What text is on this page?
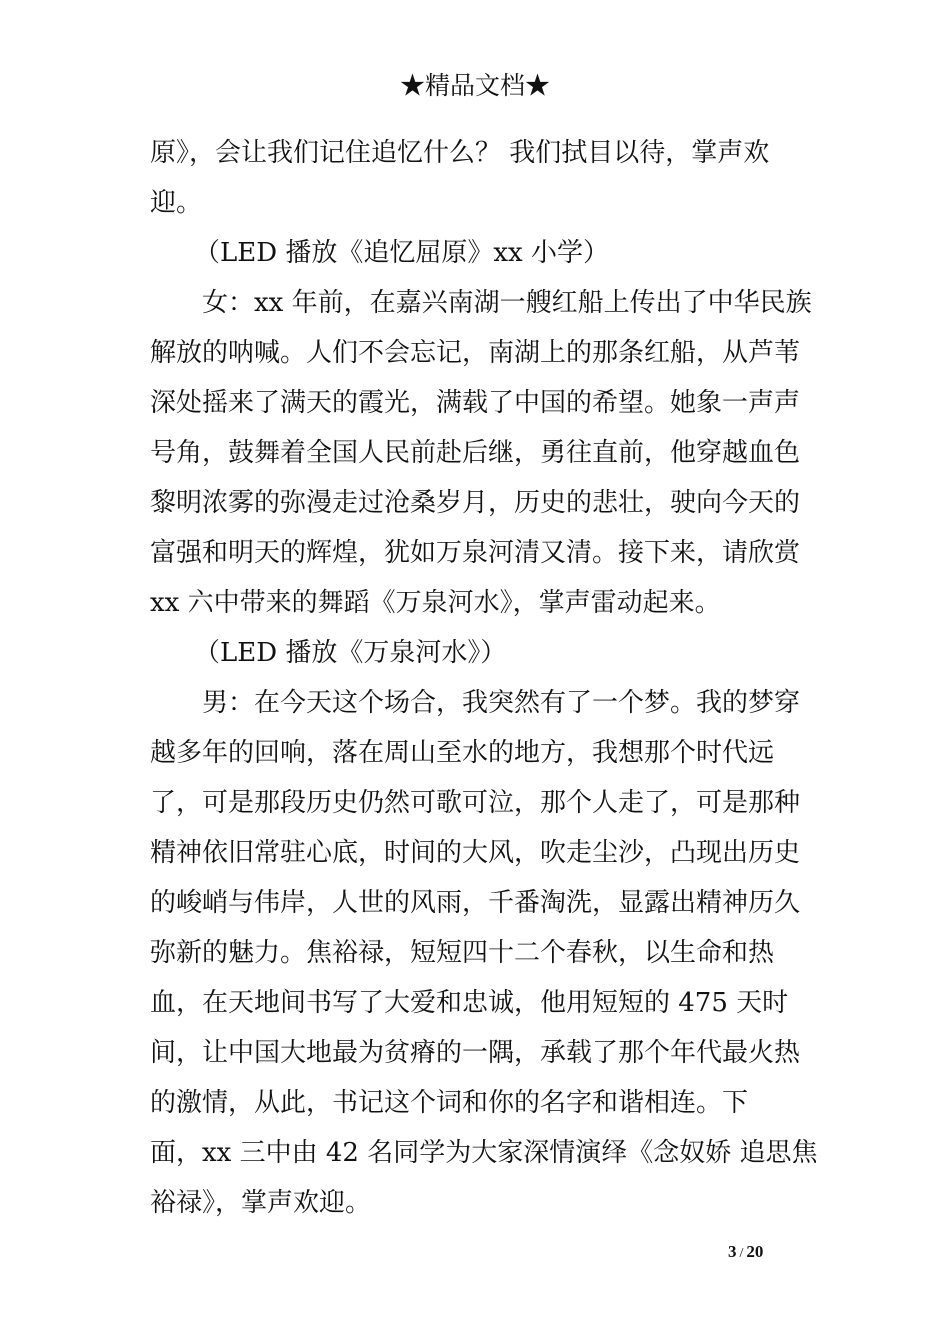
★精品文档★
原》，会让我们记住追忆什么？ 我们拭目以待，掌声欢
迎。
（LED 播放《追忆屈原》xx 小学）
女：xx 年前，在嘉兴南湖一艘红船上传出了中华民族
解放的呐喊。人们不会忘记，南湖上的那条红船，从芦苇
深处摇来了满天的霞光，满载了中国的希望。她象一声声
号角，鼓舞着全国人民前赴后继，勇往直前，他穿越血色
黎明浓雾的弥漫走过沧桑岁月，历史的悲壮，驶向今天的
富强和明天的辉煌，犹如万泉河清又清。接下来，请欣赏
xx 六中带来的舞蹈《万泉河水》，掌声雷动起来。
（LED 播放《万泉河水》）
男：在今天这个场合，我突然有了一个梦。我的梦穿
越多年的回响，落在周山至水的地方，我想那个时代远
了，可是那段历史仍然可歌可泣，那个人走了，可是那种
精神依旧常驻心底，时间的大风，吹走尘沙，凸现出历史
的峻峭与伟岸，人世的风雨，千番淘洗，显露出精神历久
弥新的魅力。焦裕禄，短短四十二个春秋，以生命和热
血，在天地间书写了大爱和忠诚，他用短短的 475 天时
间，让中国大地最为贫瘠的一隅，承载了那个年代最火热
的激情，从此，书记这个词和你的名字和谐相连。下
面，xx 三中由 42 名同学为大家深情演绎《念奴娇 追思焦
裕禄》，掌声欢迎。
3 / 20
